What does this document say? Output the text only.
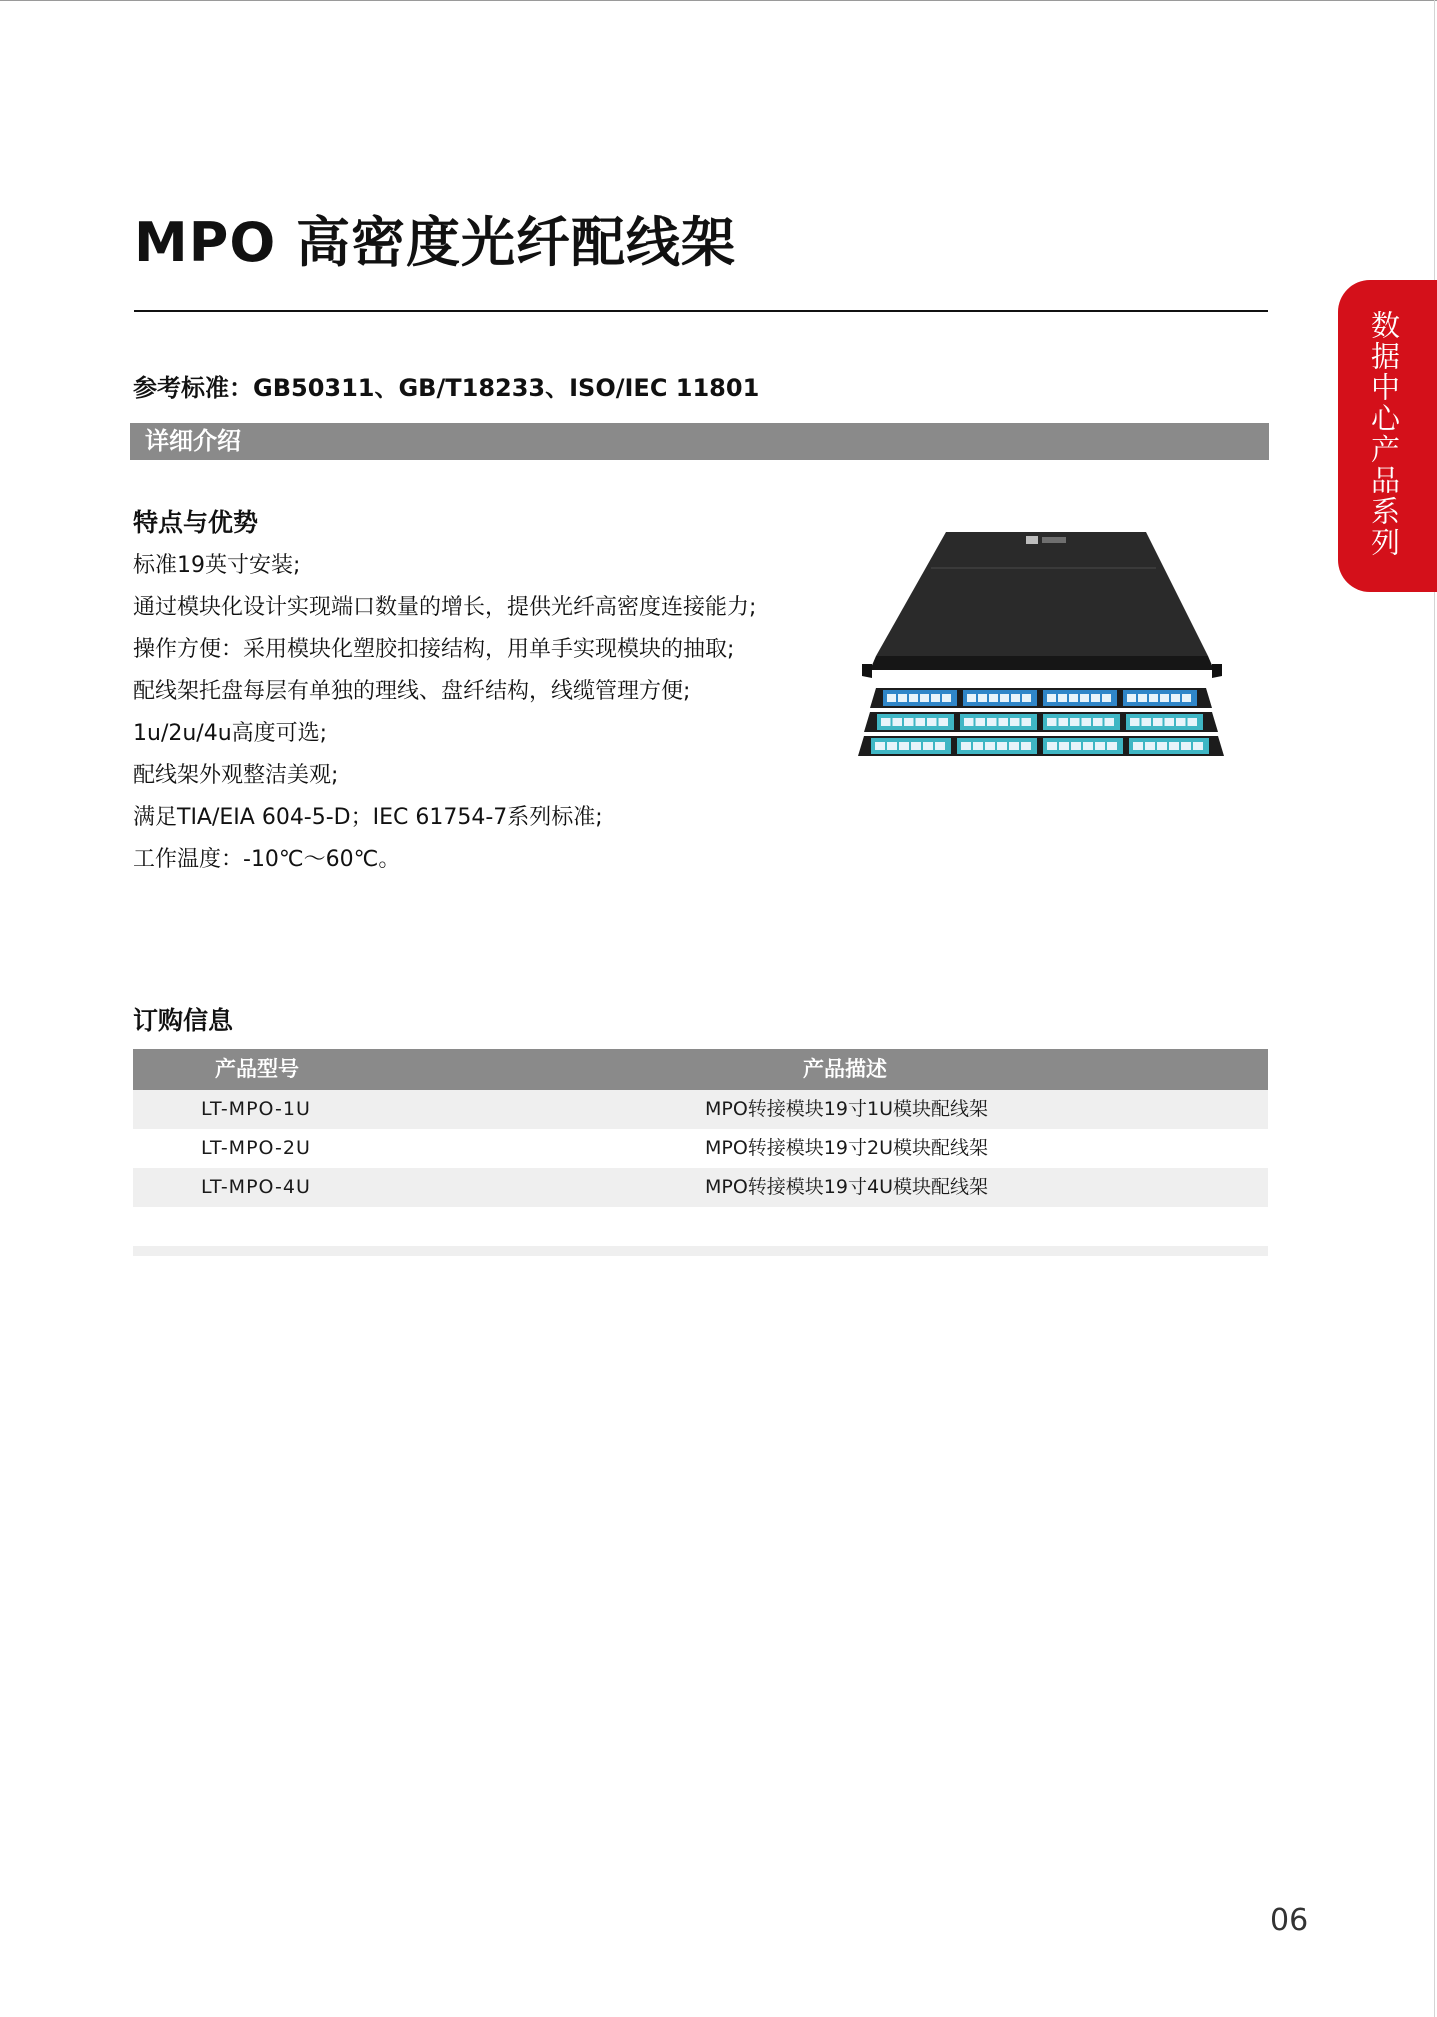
MPO 高密度光纤配线架
参考标准：GB50311、GB/T18233、ISO/IEC 11801
详细介绍
特点与优势
标准19英寸安装;
通过模块化设计实现端口数量的增长，提供光纤高密度连接能力;
操作方便：采用模块化塑胶扣接结构，用单手实现模块的抽取;
配线架托盘每层有单独的理线、盘纤结构，线缆管理方便;
1u/2u/4u高度可选;
配线架外观整洁美观;
满足TIA/EIA 604-5-D；IEC 61754-7系列标准;
工作温度：-10℃～60℃。
订购信息
产品型号	产品描述
LT-MPO-1U	MPO转接模块19寸1U模块配线架
LT-MPO-2U	MPO转接模块19寸2U模块配线架
LT-MPO-4U	MPO转接模块19寸4U模块配线架
数据中心产品系列
06
